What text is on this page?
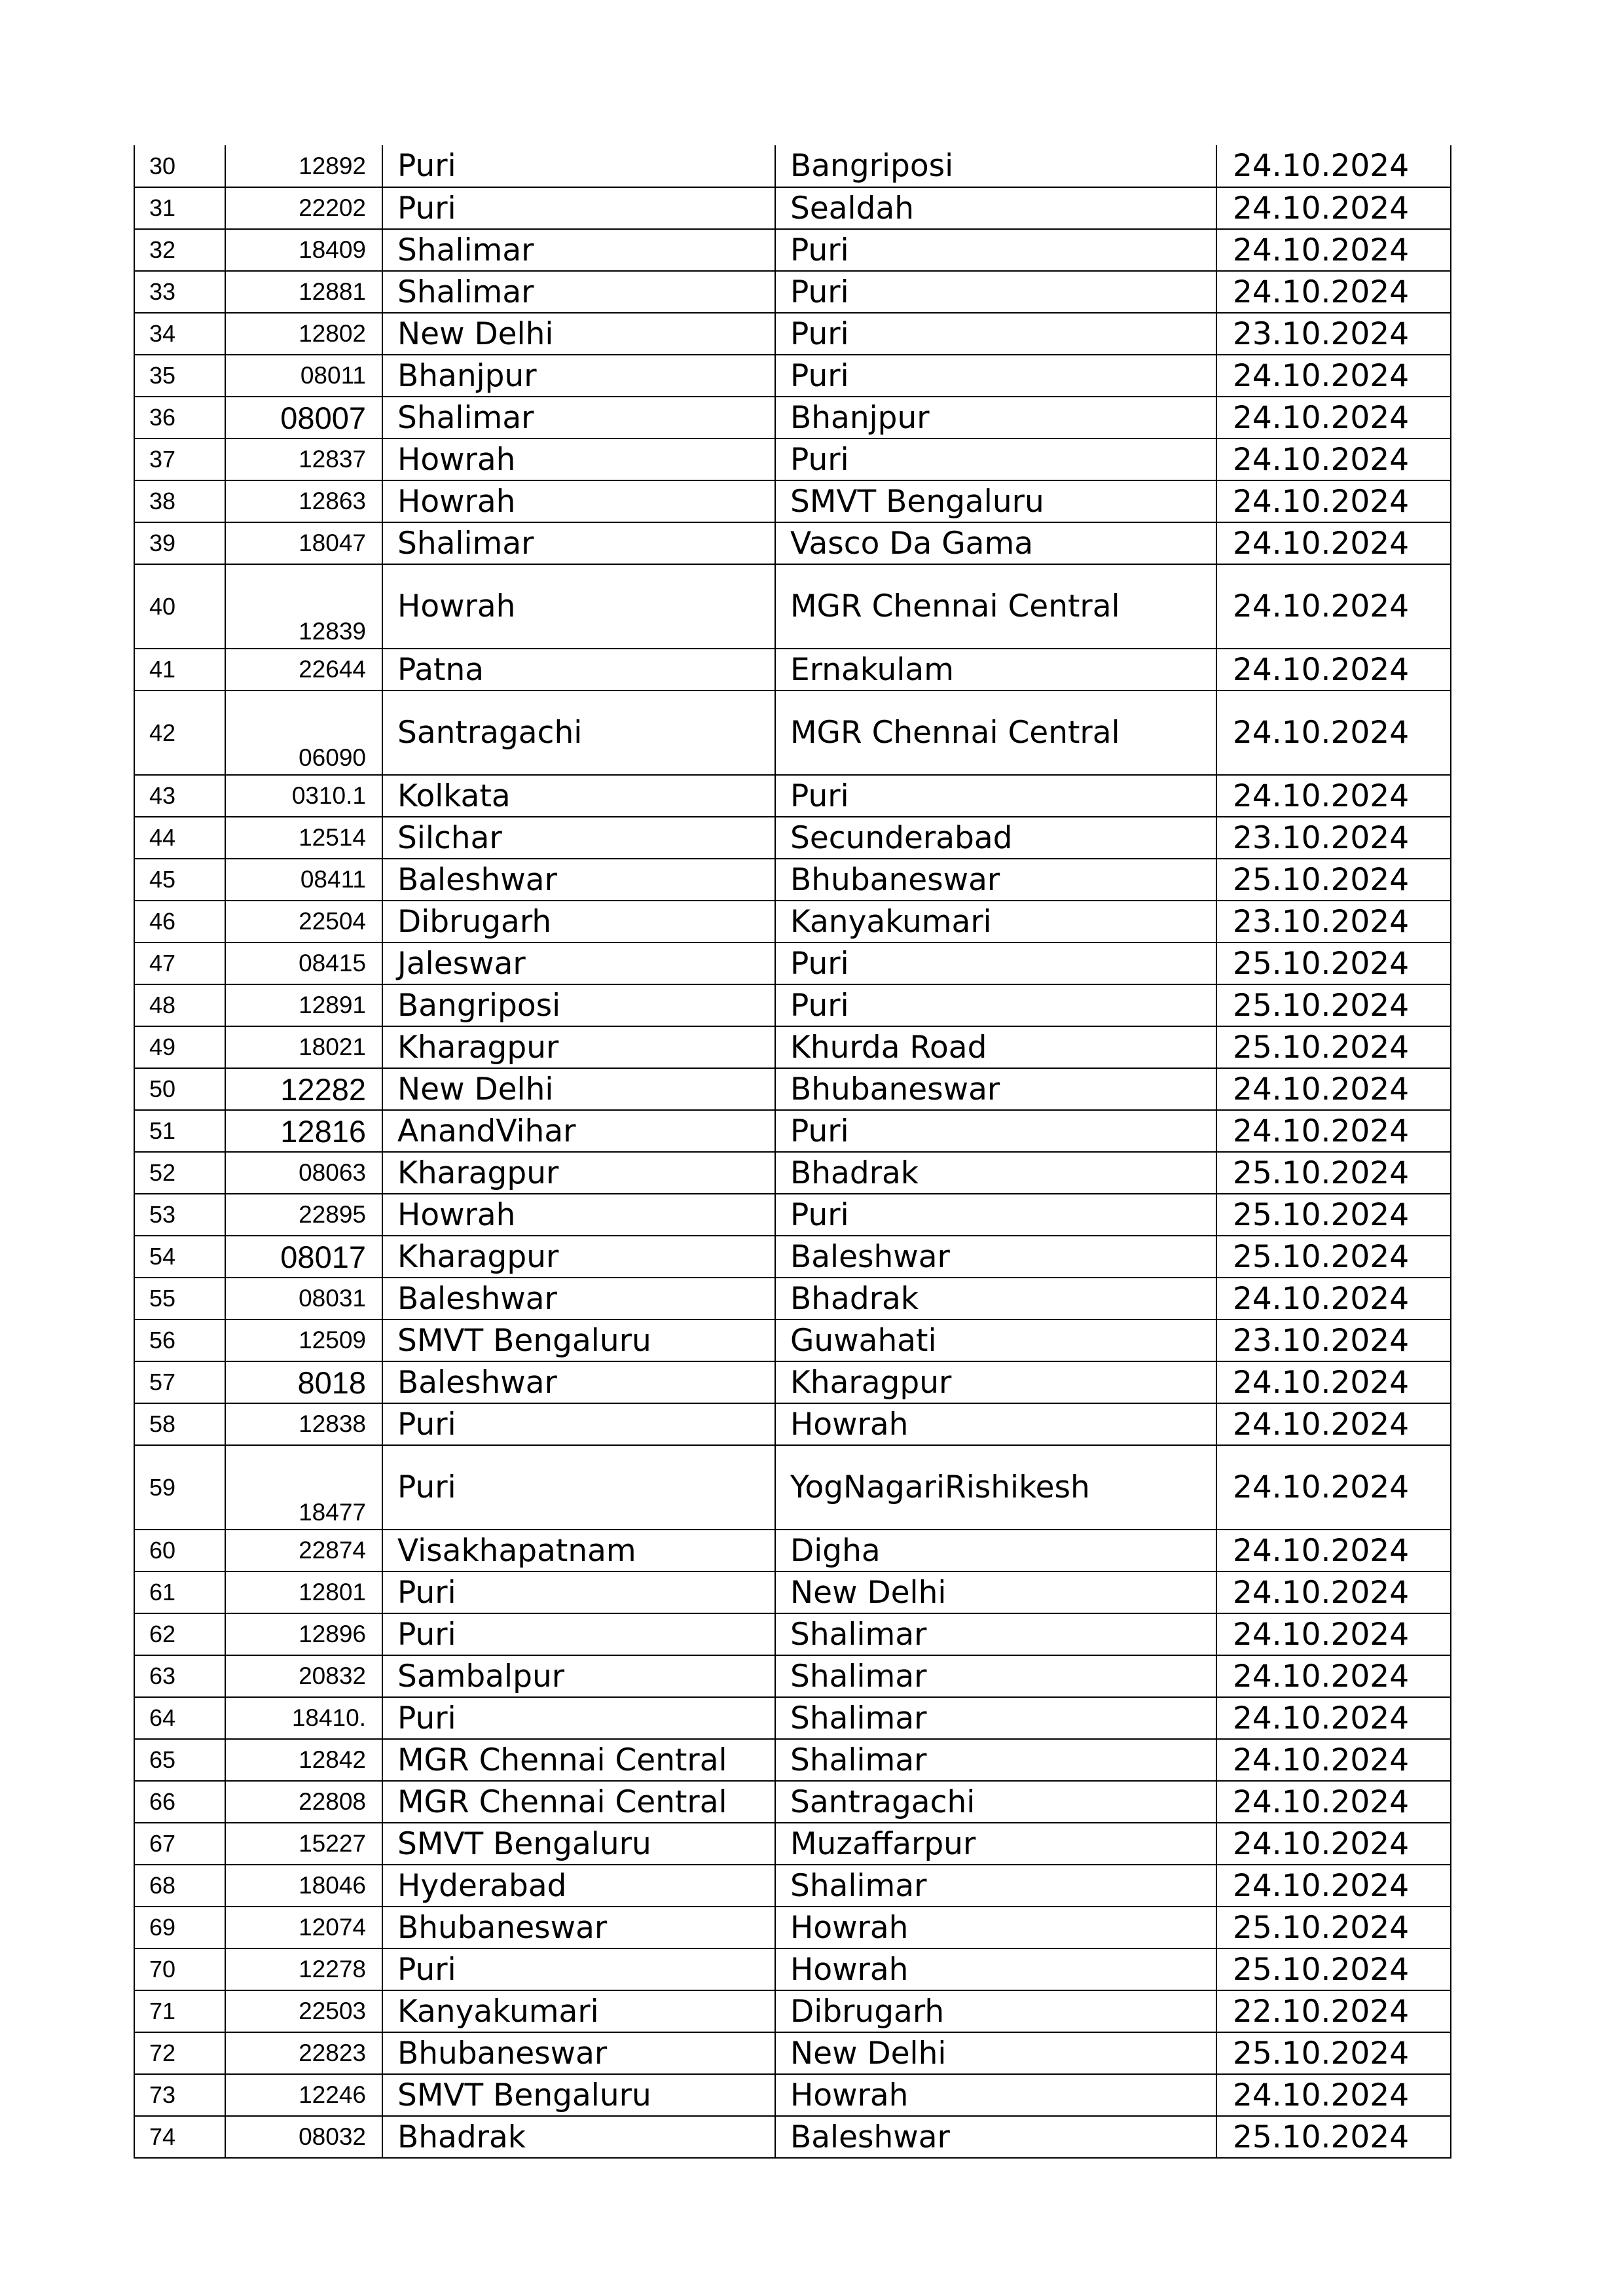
30	12892	Puri	Bangriposi	24.10.2024
31	22202	Puri	Sealdah	24.10.2024
32	18409	Shalimar	Puri	24.10.2024
33	12881	Shalimar	Puri	24.10.2024
34	12802	New Delhi	Puri	23.10.2024
35	08011	Bhanjpur	Puri	24.10.2024
36	08007	Shalimar	Bhanjpur	24.10.2024
37	12837	Howrah	Puri	24.10.2024
38	12863	Howrah	SMVT Bengaluru	24.10.2024
39	18047	Shalimar	Vasco Da Gama	24.10.2024
40	12839	Howrah	MGR Chennai Central	24.10.2024
41	22644	Patna	Ernakulam	24.10.2024
42	06090	Santragachi	MGR Chennai Central	24.10.2024
43	0310.1	Kolkata	Puri	24.10.2024
44	12514	Silchar	Secunderabad	23.10.2024
45	08411	Baleshwar	Bhubaneswar	25.10.2024
46	22504	Dibrugarh	Kanyakumari	23.10.2024
47	08415	Jaleswar	Puri	25.10.2024
48	12891	Bangriposi	Puri	25.10.2024
49	18021	Kharagpur	Khurda Road	25.10.2024
50	12282	New Delhi	Bhubaneswar	24.10.2024
51	12816	AnandVihar	Puri	24.10.2024
52	08063	Kharagpur	Bhadrak	25.10.2024
53	22895	Howrah	Puri	25.10.2024
54	08017	Kharagpur	Baleshwar	25.10.2024
55	08031	Baleshwar	Bhadrak	24.10.2024
56	12509	SMVT Bengaluru	Guwahati	23.10.2024
57	8018	Baleshwar	Kharagpur	24.10.2024
58	12838	Puri	Howrah	24.10.2024
59	18477	Puri	YogNagariRishikesh	24.10.2024
60	22874	Visakhapatnam	Digha	24.10.2024
61	12801	Puri	New Delhi	24.10.2024
62	12896	Puri	Shalimar	24.10.2024
63	20832	Sambalpur	Shalimar	24.10.2024
64	18410.	Puri	Shalimar	24.10.2024
65	12842	MGR Chennai Central	Shalimar	24.10.2024
66	22808	MGR Chennai Central	Santragachi	24.10.2024
67	15227	SMVT Bengaluru	Muzaffarpur	24.10.2024
68	18046	Hyderabad	Shalimar	24.10.2024
69	12074	Bhubaneswar	Howrah	25.10.2024
70	12278	Puri	Howrah	25.10.2024
71	22503	Kanyakumari	Dibrugarh	22.10.2024
72	22823	Bhubaneswar	New Delhi	25.10.2024
73	12246	SMVT Bengaluru	Howrah	24.10.2024
74	08032	Bhadrak	Baleshwar	25.10.2024
